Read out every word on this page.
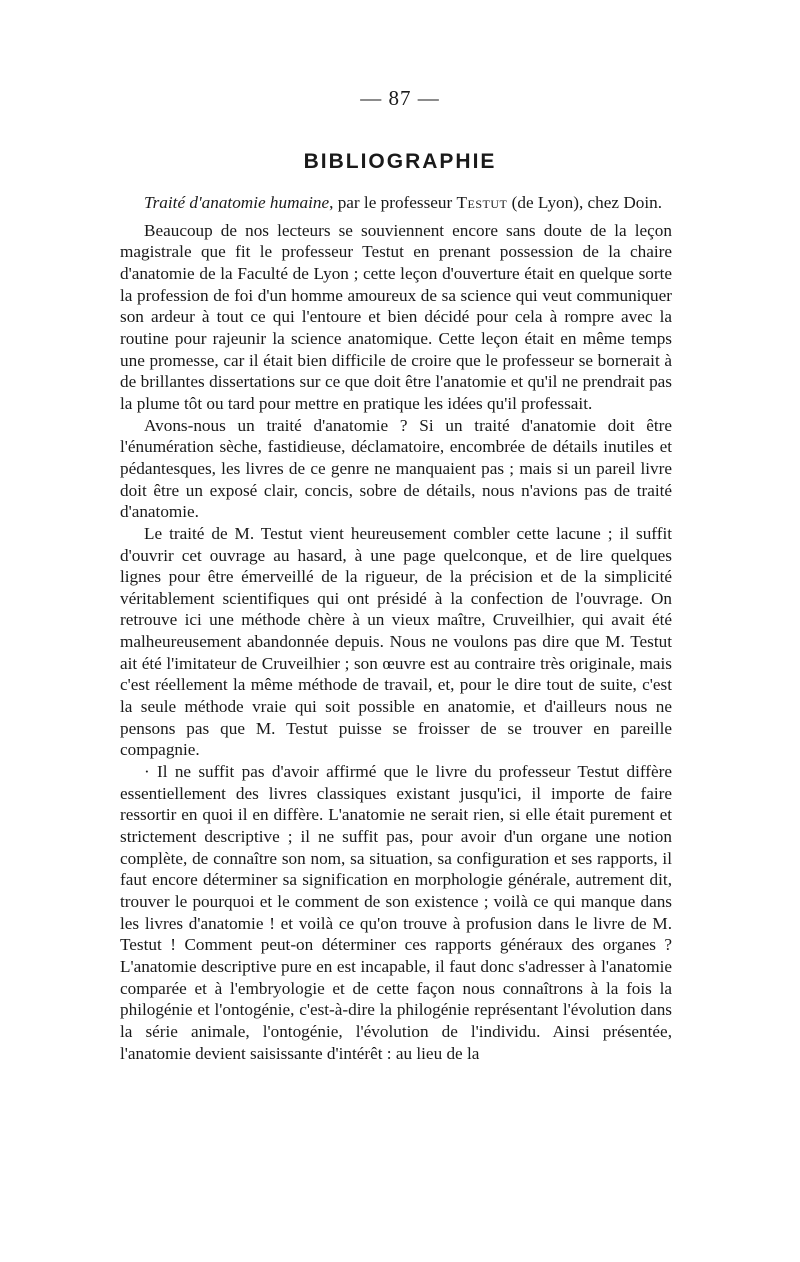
— 87 —
BIBLIOGRAPHIE

Traité d'anatomie humaine, par le professeur Testut (de Lyon), chez Doin.

Beaucoup de nos lecteurs se souviennent encore sans doute de la leçon magistrale que fit le professeur Testut en prenant possession de la chaire d'anatomie de la Faculté de Lyon ; cette leçon d'ouverture était en quelque sorte la profession de foi d'un homme amoureux de sa science qui veut communiquer son ardeur à tout ce qui l'entoure et bien décidé pour cela à rompre avec la routine pour rajeunir la science anatomique. Cette leçon était en même temps une promesse, car il était bien difficile de croire que le professeur se bornerait à de brillantes dissertations sur ce que doit être l'anatomie et qu'il ne prendrait pas la plume tôt ou tard pour mettre en pratique les idées qu'il professait.

Avons-nous un traité d'anatomie ? Si un traité d'anatomie doit être l'énumération sèche, fastidieuse, déclamatoire, encombrée de détails inutiles et pédantesques, les livres de ce genre ne manquaient pas ; mais si un pareil livre doit être un exposé clair, concis, sobre de détails, nous n'avions pas de traité d'anatomie.

Le traité de M. Testut vient heureusement combler cette lacune ; il suffit d'ouvrir cet ouvrage au hasard, à une page quelconque, et de lire quelques lignes pour être émerveillé de la rigueur, de la précision et de la simplicité véritablement scientifiques qui ont présidé à la confection de l'ouvrage. On retrouve ici une méthode chère à un vieux maître, Cruveilhier, qui avait été malheureusement abandonnée depuis. Nous ne voulons pas dire que M. Testut ait été l'imitateur de Cruveilhier ; son œuvre est au contraire très originale, mais c'est réellement la même méthode de travail, et, pour le dire tout de suite, c'est la seule méthode vraie qui soit possible en anatomie, et d'ailleurs nous ne pensons pas que M. Testut puisse se froisser de se trouver en pareille compagnie.

· Il ne suffit pas d'avoir affirmé que le livre du professeur Testut diffère essentiellement des livres classiques existant jusqu'ici, il importe de faire ressortir en quoi il en diffère. L'anatomie ne serait rien, si elle était purement et strictement descriptive ; il ne suffit pas, pour avoir d'un organe une notion complète, de connaître son nom, sa situation, sa configuration et ses rapports, il faut encore déterminer sa signification en morphologie générale, autrement dit, trouver le pourquoi et le comment de son existence ; voilà ce qui manque dans les livres d'anatomie ! et voilà ce qu'on trouve à profusion dans le livre de M. Testut ! Comment peut-on déterminer ces rapports généraux des organes ? L'anatomie descriptive pure en est incapable, il faut donc s'adresser à l'anatomie comparée et à l'embryologie et de cette façon nous connaîtrons à la fois la philogénie et l'ontogénie, c'est-à-dire la philogénie représentant l'évolution dans la série animale, l'ontogénie, l'évolution de l'individu. Ainsi présentée, l'anatomie devient saisissante d'intérêt : au lieu de la
